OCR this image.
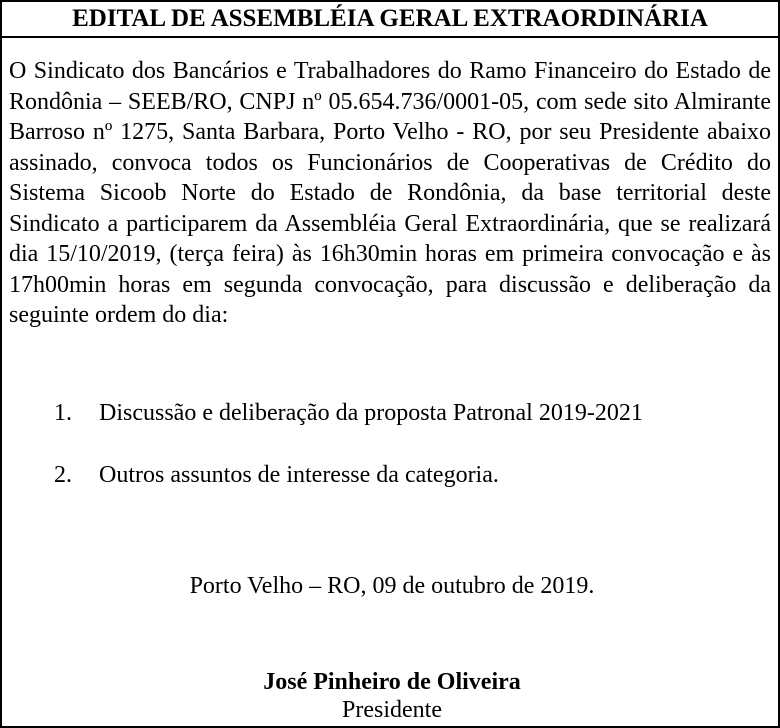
EDITAL DE ASSEMBLÉIA GERAL EXTRAORDINÁRIA
O Sindicato dos Bancários e Trabalhadores do Ramo Financeiro do Estado de Rondônia – SEEB/RO, CNPJ nº 05.654.736/0001-05, com sede sito Almirante Barroso nº 1275, Santa Barbara, Porto Velho - RO, por seu Presidente abaixo assinado, convoca todos os Funcionários de Cooperativas de Crédito do Sistema Sicoob Norte do Estado de Rondônia, da base territorial deste Sindicato a participarem da Assembléia Geral Extraordinária, que se realizará dia 15/10/2019, (terça feira) às 16h30min horas em primeira convocação e às 17h00min horas em segunda convocação, para discussão e deliberação da seguinte ordem do dia:
1. Discussão e deliberação da proposta Patronal 2019-2021
2. Outros assuntos de interesse da categoria.
Porto Velho – RO, 09 de outubro de 2019.
José Pinheiro de Oliveira
Presidente
